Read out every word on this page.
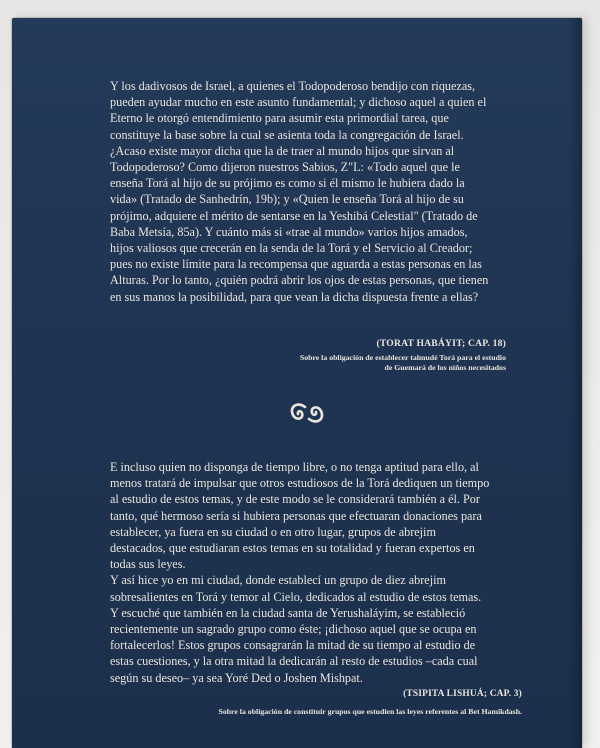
Y los dadivosos de Israel, a quienes el Todopoderoso bendijo con riquezas, pueden ayudar mucho en este asunto fundamental; y dichoso aquel a quien el Eterno le otorgó entendimiento para asumir esta primordial tarea, que constituye la base sobre la cual se asienta toda la congregación de Israel. ¿Acaso existe mayor dicha que la de traer al mundo hijos que sirvan al Todopoderoso? Como dijeron nuestros Sabios, Z"L: «Todo aquel que le enseña Torá al hijo de su prójimo es como si él mismo le hubiera dado la vida» (Tratado de Sanhedrín, 19b); y «Quien le enseña Torá al hijo de su prójimo, adquiere el mérito de sentarse en la Yeshibá Celestial" (Tratado de Baba Metsía, 85a). Y cuánto más si «trae al mundo» varios hijos amados, hijos valiosos que crecerán en la senda de la Torá y el Servicio al Creador; pues no existe límite para la recompensa que aguarda a estas personas en las Alturas. Por lo tanto, ¿quién podrá abrir los ojos de estas personas, que tienen en sus manos la posibilidad, para que vean la dicha dispuesta frente a ellas?

(TORAT HABÁYIT; CAP. 18)
Sobre la obligación de establecer talmudé Torá para el estudio
de Guemará de los niños necesitados

E incluso quien no disponga de tiempo libre, o no tenga aptitud para ello, al menos tratará de impulsar que otros estudiosos de la Torá dediquen un tiempo al estudio de estos temas, y de este modo se le considerará también a él. Por tanto, qué hermoso sería si hubiera personas que efectuaran donaciones para establecer, ya fuera en su ciudad o en otro lugar, grupos de abrejim destacados, que estudiaran estos temas en su totalidad y fueran expertos en todas sus leyes.

Y así hice yo en mi ciudad, donde establecí un grupo de diez abrejim sobresalientes en Torá y temor al Cielo, dedicados al estudio de estos temas. Y escuché que también en la ciudad santa de Yerushaláyim, se estableció recientemente un sagrado grupo como éste; ¡dichoso aquel que se ocupa en fortalecerlos! Estos grupos consagrarán la mitad de su tiempo al estudio de estas cuestiones, y la otra mitad la dedicarán al resto de estudios –cada cual según su deseo– ya sea Yoré Ded o Joshen Mishpat.

(TSIPITA LISHUÁ; CAP. 3)
Sobre la obligación de constituir grupos que estudien las leyes referentes al Bet Hamikdash.
